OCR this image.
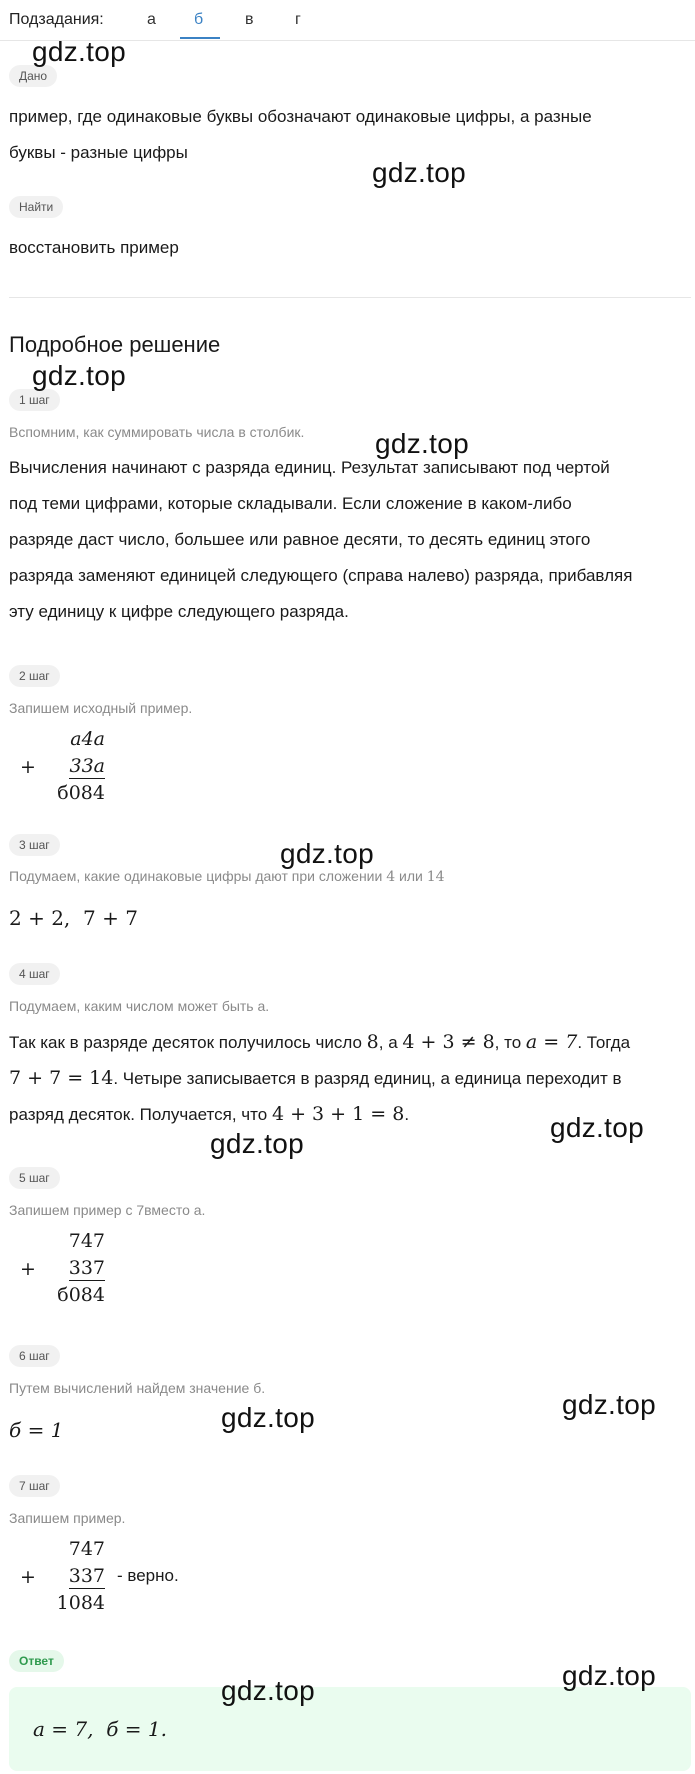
Подзадания:	а б	в	г
Дано
пример, где одинаковые буквы обозначают одинаковые цифры, а разные
буквы - разные цифры
Найти
восстановить пример
Подробное решение
1 шаг
Вспомним, как суммировать числа в столбик.
Вычисления начинают с разряда единиц. Результат записывают под чертой
под теми цифрами, которые складывали. Если сложение в каком-либо
разряде даст число, большее или равное десяти, то десять единиц этого
разряда заменяют единицей следующего (справа налево) разряда, прибавляя
эту единицу к цифре следующего разряда.
2 шаг
Запишем исходный пример.
+
а4а
33а
б084
3 шаг
Подумаем, какие одинаковые цифры дают при сложении 4 или 14
2 + 2,  7 + 7
4 шаг
Подумаем, каким числом может быть а.
Так как в разряде десяток получилось число 8, а 4 + 3 ≠ 8, то а = 7. Тогда
7 + 7 = 14. Четыре записывается в разряд единиц, а единица переходит в
разряд десяток. Получается, что 4 + 3 + 1 = 8.
5 шаг
Запишем пример с 7вместо а.
+
747
337
б084
6 шаг
Путем вычислений найдем значение б.
б = 1
7 шаг
Запишем пример.
+
747
337
1084
- верно.
Ответ
а = 7,  б = 1.
gdz.top
gdz.top
gdz.top
gdz.top
gdz.top
gdz.top
gdz.top
gdz.top
gdz.top
gdz.top
gdz.top
